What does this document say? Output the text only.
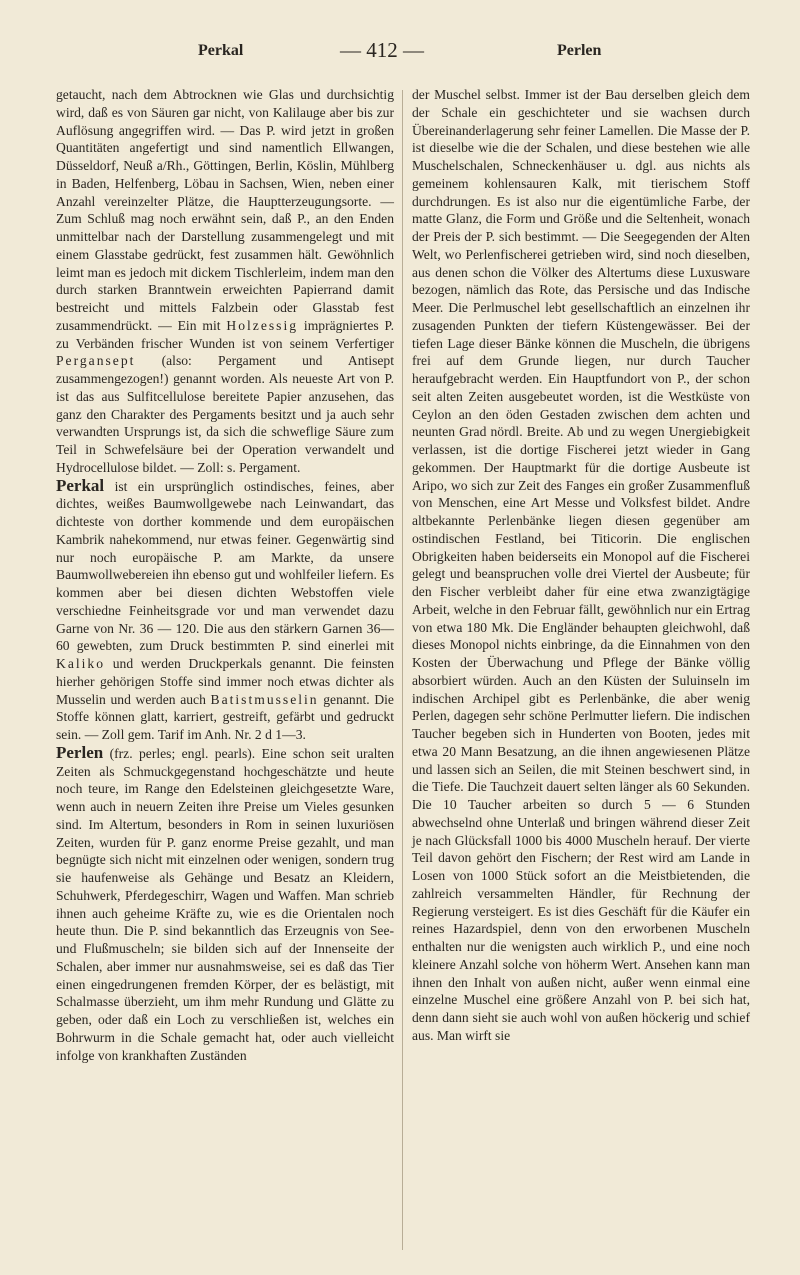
Perkal	— 412 —	Perlen

getaucht, nach dem Abtrocknen wie Glas und durchsichtig wird, daß es von Säuren gar nicht, von Kalilauge aber bis zur Auflösung angegriffen wird. — Das P. wird jetzt in großen Quantitäten angefertigt und sind namentlich Ellwangen, Düsseldorf, Neuß a/Rh., Göttingen, Berlin, Köslin, Mühlberg in Baden, Helfenberg, Löbau in Sachsen, Wien, neben einer Anzahl vereinzelter Plätze, die Hauptterzeugungsorte. — Zum Schluß mag noch erwähnt sein, daß P., an den Enden unmittelbar nach der Darstellung zusammengelegt und mit einem Glasstabe gedrückt, fest zusammen hält. Gewöhnlich leimt man es jedoch mit dickem Tischlerleim, indem man den durch starken Branntwein erweichten Papierrand damit bestreicht und mittels Falzbein oder Glasstab fest zusammendrückt. — Ein mit Holzessig imprägniertes P. zu Verbänden frischer Wunden ist von seinem Verfertiger Pergansept (also: Pergament und Antisept zusammengezogen!) genannt worden. Als neueste Art von P. ist das aus Sulfitcellulose bereitete Papier anzusehen, das ganz den Charakter des Pergaments besitzt und ja auch sehr verwandten Ursprungs ist, da sich die schweflige Säure zum Teil in Schwefelsäure bei der Operation verwandelt und Hydrocellulose bildet. — Zoll: s. Pergament.

Perkal ist ein ursprünglich ostindisches, feines, aber dichtes, weißes Baumwollgewebe nach Leinwandart, das dichteste von dorther kommende und dem europäischen Kambrik nahekommend, nur etwas feiner. Gegenwärtig sind nur noch europäische P. am Markte, da unsere Baumwollwebereien ihn ebenso gut und wohlfeiler liefern. Es kommen aber bei diesen dichten Webstoffen viele verschiedne Feinheitsgrade vor und man verwendet dazu Garne von Nr. 36 — 120. Die aus den stärkern Garnen 36—60 gewebten, zum Druck bestimmten P. sind einerlei mit Kaliko und werden Druckperkals genannt. Die feinsten hierher gehörigen Stoffe sind immer noch etwas dichter als Musselin und werden auch Batistmusselin genannt. Die Stoffe können glatt, karriert, gestreift, gefärbt und gedruckt sein. — Zoll gem. Tarif im Anh. Nr. 2 d 1—3.

Perlen (frz. perles; engl. pearls). Eine schon seit uralten Zeiten als Schmuckgegenstand hochgeschätzte und heute noch teure, im Range den Edelsteinen gleichgesetzte Ware, wenn auch in neuern Zeiten ihre Preise um Vieles gesunken sind. Im Altertum, besonders in Rom in seinen luxuriösen Zeiten, wurden für P. ganz enorme Preise gezahlt, und man begnügte sich nicht mit einzelnen oder wenigen, sondern trug sie haufenweise als Gehänge und Besatz an Kleidern, Schuhwerk, Pferdegeschirr, Wagen und Waffen. Man schrieb ihnen auch geheime Kräfte zu, wie es die Orientalen noch heute thun. Die P. sind bekanntlich das Erzeugnis von See- und Flußmuscheln; sie bilden sich auf der Innenseite der Schalen, aber immer nur ausnahmsweise, sei es daß das Tier einen eingedrungenen fremden Körper, der es belästigt, mit Schalmasse überzieht, um ihm mehr Rundung und Glätte zu geben, oder daß ein Loch zu verschließen ist, welches ein Bohrwurm in die Schale gemacht hat, oder auch vielleicht infolge von krankhaften Zuständen

der Muschel selbst. Immer ist der Bau derselben gleich dem der Schale ein geschichteter und sie wachsen durch Übereinanderlagerung sehr feiner Lamellen. Die Masse der P. ist dieselbe wie die der Schalen, und diese bestehen wie alle Muschelschalen, Schneckenhäuser u. dgl. aus nichts als gemeinem kohlensauren Kalk, mit tierischem Stoff durchdrungen. Es ist also nur die eigentümliche Farbe, der matte Glanz, die Form und Größe und die Seltenheit, wonach der Preis der P. sich bestimmt. — Die Seegegenden der Alten Welt, wo Perlenfischerei getrieben wird, sind noch dieselben, aus denen schon die Völker des Altertums diese Luxusware bezogen, nämlich das Rote, das Persische und das Indische Meer. Die Perlmuschel lebt gesellschaftlich an einzelnen ihr zusagenden Punkten der tiefern Küstengewässer. Bei der tiefen Lage dieser Bänke können die Muscheln, die übrigens frei auf dem Grunde liegen, nur durch Taucher heraufgebracht werden. Ein Hauptfundort von P., der schon seit alten Zeiten ausgebeutet worden, ist die Westküste von Ceylon an den öden Gestaden zwischen dem achten und neunten Grad nördl. Breite. Ab und zu wegen Unergiebigkeit verlassen, ist die dortige Fischerei jetzt wieder in Gang gekommen. Der Hauptmarkt für die dortige Ausbeute ist Aripo, wo sich zur Zeit des Fanges ein großer Zusammenfluß von Menschen, eine Art Messe und Volksfest bildet. Andre altbekannte Perlenbänke liegen diesen gegenüber am ostindischen Festland, bei Titicorin. Die englischen Obrigkeiten haben beiderseits ein Monopol auf die Fischerei gelegt und beanspruchen volle drei Viertel der Ausbeute; für den Fischer verbleibt daher für eine etwa zwanzigtägige Arbeit, welche in den Februar fällt, gewöhnlich nur ein Ertrag von etwa 180 Mk. Die Engländer behaupten gleichwohl, daß dieses Monopol nichts einbringe, da die Einnahmen von den Kosten der Überwachung und Pflege der Bänke völlig absorbiert würden. Auch an den Küsten der Suluinseln im indischen Archipel gibt es Perlenbänke, die aber wenig Perlen, dagegen sehr schöne Perlmutter liefern. Die indischen Taucher begeben sich in Hunderten von Booten, jedes mit etwa 20 Mann Besatzung, an die ihnen angewiesenen Plätze und lassen sich an Seilen, die mit Steinen beschwert sind, in die Tiefe. Die Tauchzeit dauert selten länger als 60 Sekunden. Die 10 Taucher arbeiten so durch 5 — 6 Stunden abwechselnd ohne Unterlaß und bringen während dieser Zeit je nach Glücksfall 1000 bis 4000 Muscheln herauf. Der vierte Teil davon gehört den Fischern; der Rest wird am Lande in Losen von 1000 Stück sofort an die Meistbietenden, die zahlreich versammelten Händler, für Rechnung der Regierung versteigert. Es ist dies Geschäft für die Käufer ein reines Hazardspiel, denn von den erworbenen Muscheln enthalten nur die wenigsten auch wirklich P., und eine noch kleinere Anzahl solche von höherm Wert. Ansehen kann man ihnen den Inhalt von außen nicht, außer wenn einmal eine einzelne Muschel eine größere Anzahl von P. bei sich hat, denn dann sieht sie auch wohl von außen höckerig und schief aus. Man wirft sie
